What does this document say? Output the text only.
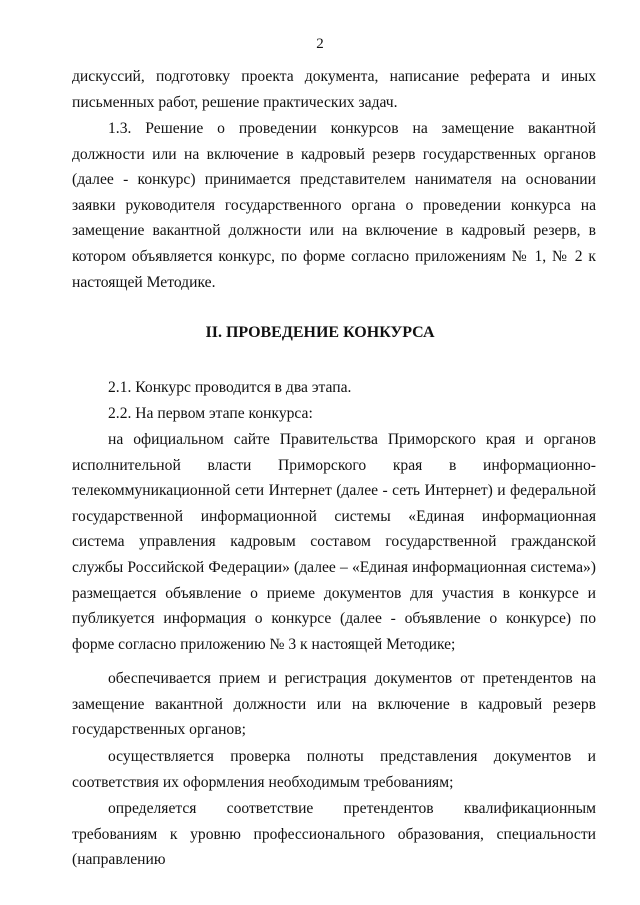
2

дискуссий, подготовку проекта документа, написание реферата и иных письменных работ, решение практических задач.

1.3. Решение о проведении конкурсов на замещение вакантной должности или на включение в кадровый резерв государственных органов (далее - конкурс) принимается представителем нанимателя на основании заявки руководителя государственного органа о проведении конкурса на замещение вакантной должности или на включение в кадровый резерв, в котором объявляется конкурс, по форме согласно приложениям № 1, № 2 к настоящей Методике.

II. ПРОВЕДЕНИЕ КОНКУРСА

2.1. Конкурс проводится в два этапа.

2.2. На первом этапе конкурса:

на официальном сайте Правительства Приморского края и органов исполнительной власти Приморского края в информационно-телекоммуникационной сети Интернет (далее - сеть Интернет) и федеральной государственной информационной системы «Единая информационная система управления кадровым составом государственной гражданской службы Российской Федерации» (далее – «Единая информационная система») размещается объявление о приеме документов для участия в конкурсе и публикуется информация о конкурсе (далее - объявление о конкурсе) по форме согласно приложению № 3 к настоящей Методике;

обеспечивается прием и регистрация документов от претендентов на замещение вакантной должности или на включение в кадровый резерв государственных органов;

осуществляется проверка полноты представления документов и соответствия их оформления необходимым требованиям;

определяется соответствие претендентов квалификационным требованиям к уровню профессионального образования, специальности (направлению
